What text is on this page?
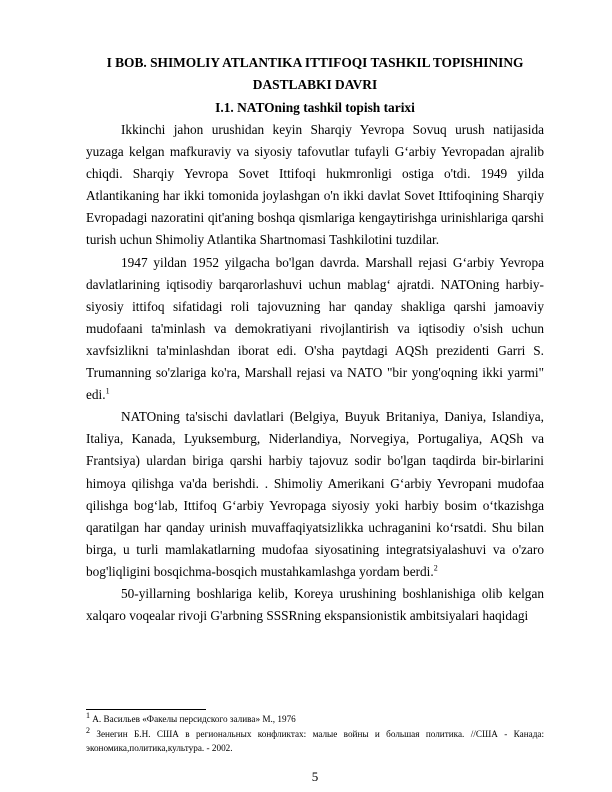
I BOB. SHIMOLIY ATLANTIKA ITTIFOQI TASHKIL TOPISHINING
DASTLABKI DAVRI
I.1. NATOning tashkil topish tarixi

Ikkinchi jahon urushidan keyin Sharqiy Yevropa Sovuq urush natijasida yuzaga kelgan mafkuraviy va siyosiy tafovutlar tufayli G‘arbiy Yevropadan ajralib chiqdi. Sharqiy Yevropa Sovet Ittifoqi hukmronligi ostiga o'tdi. 1949 yilda Atlantikaning har ikki tomonida joylashgan o'n ikki davlat Sovet Ittifoqining Sharqiy Evropadagi nazoratini qit'aning boshqa qismlariga kengaytirishga urinishlariga qarshi turish uchun Shimoliy Atlantika Shartnomasi Tashkilotini tuzdilar.

1947 yildan 1952 yilgacha bo'lgan davrda. Marshall rejasi G‘arbiy Yevropa davlatlarining iqtisodiy barqarorlashuvi uchun mablag‘ ajratdi. NATOning harbiy-siyosiy ittifoq sifatidagi roli tajovuzning har qanday shakliga qarshi jamoaviy mudofaani ta'minlash va demokratiyani rivojlantirish va iqtisodiy o'sish uchun xavfsizlikni ta'minlashdan iborat edi. O'sha paytdagi AQSh prezidenti Garri S. Trumanning so'zlariga ko'ra, Marshall rejasi va NATO "bir yong'oqning ikki yarmi" edi.$^1$

NATOning ta'sischi davlatlari (Belgiya, Buyuk Britaniya, Daniya, Islandiya, Italiya, Kanada, Lyuksemburg, Niderlandiya, Norvegiya, Portugaliya, AQSh va Frantsiya) ulardan biriga qarshi harbiy tajovuz sodir bo'lgan taqdirda bir-birlarini himoya qilishga va'da berishdi. . Shimoliy Amerikani G‘arbiy Yevropani mudofaa qilishga bog‘lab, Ittifoq G‘arbiy Yevropaga siyosiy yoki harbiy bosim o‘tkazishga qaratilgan har qanday urinish muvaffaqiyatsizlikka uchraganini ko‘rsatdi. Shu bilan birga, u turli mamlakatlarning mudofaa siyosatining integratsiyalashuvi va o'zaro bog'liqligini bosqichma-bosqich mustahkamlashga yordam berdi.$^2$

50-yillarning boshlariga kelib, Koreya urushining boshlanishiga olib kelgan xalqaro voqealar rivoji G'arbning SSSRning ekspansionistik ambitsiyalari haqidagi

$^1$ А. Васильев «Факелы персидского залива» М., 1976

$^2$ Зенегин Б.Н. США в региональных конфликтах: малые войны и большая политика. //США - Канада: экономика,политика,культура. - 2002.

5
